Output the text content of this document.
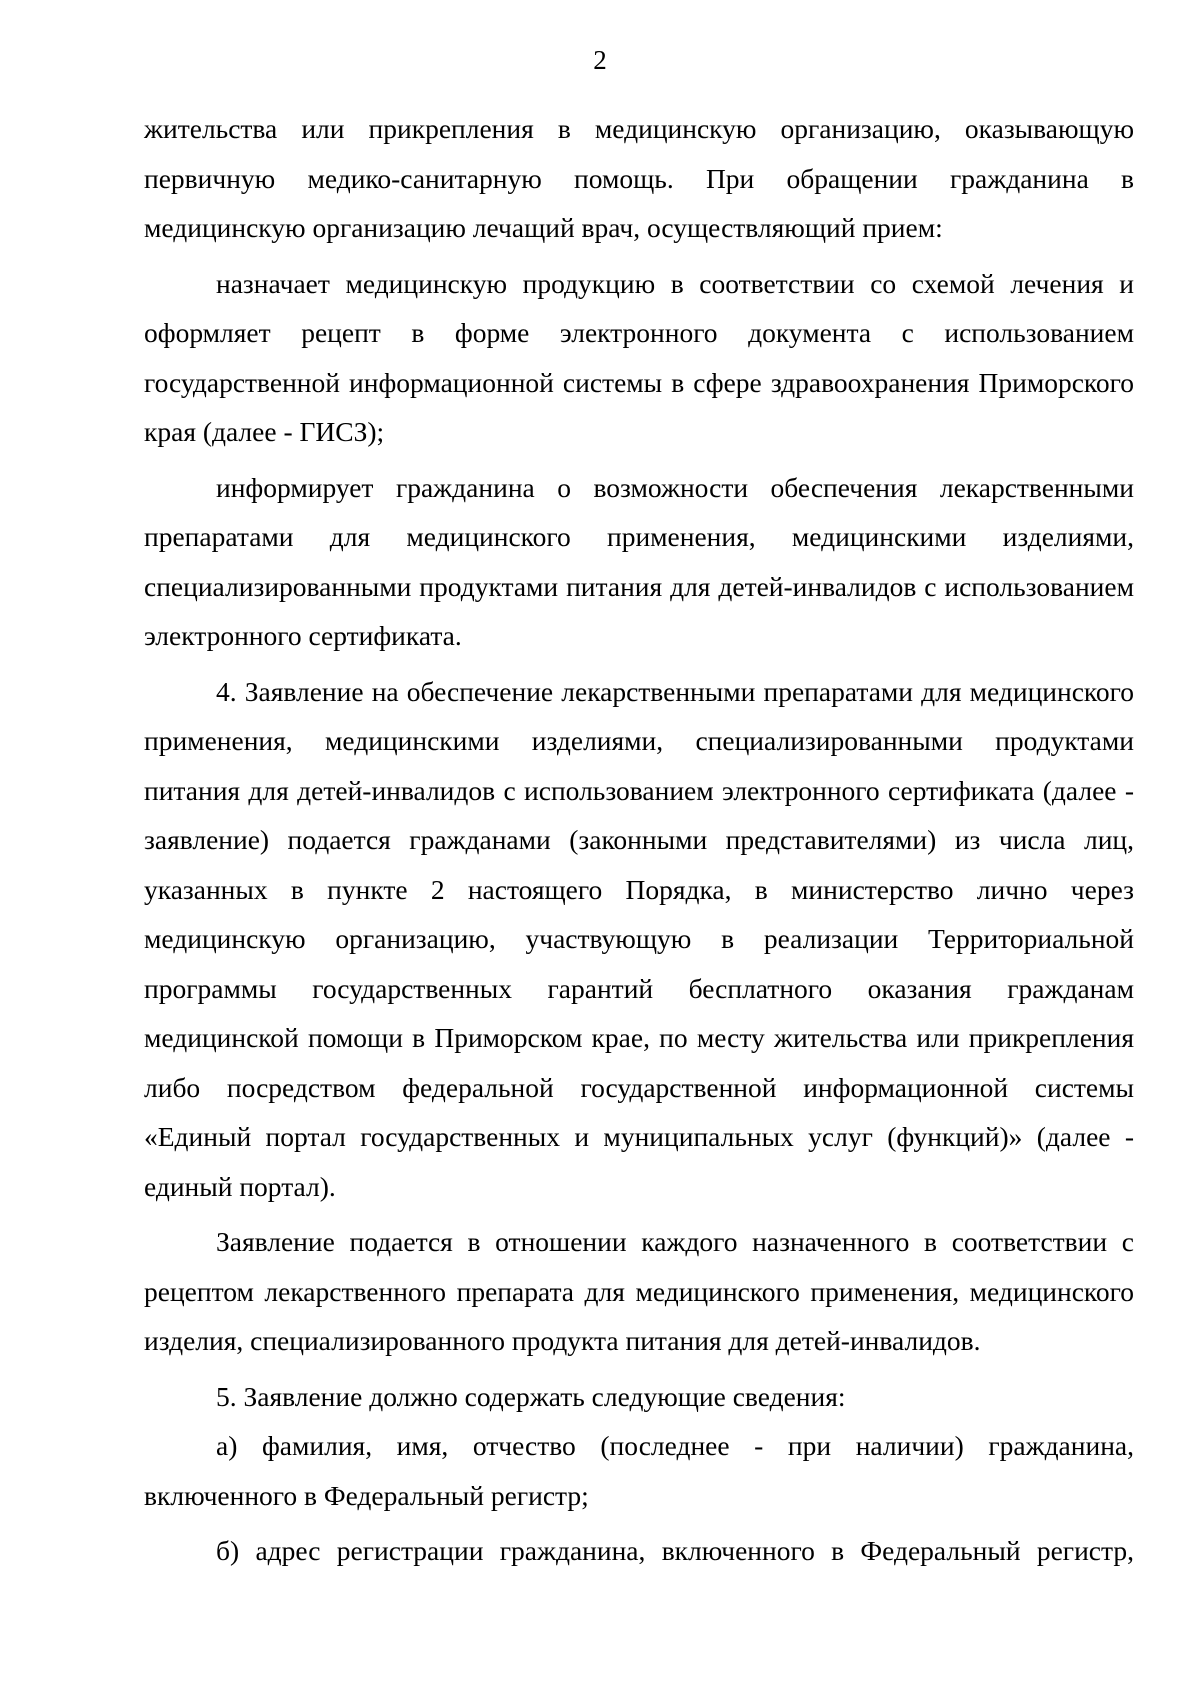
2

жительства или прикрепления в медицинскую организацию, оказывающую первичную медико-санитарную помощь. При обращении гражданина в медицинскую организацию лечащий врач, осуществляющий прием:

назначает медицинскую продукцию в соответствии со схемой лечения и оформляет рецепт в форме электронного документа с использованием государственной информационной системы в сфере здравоохранения Приморского края (далее - ГИСЗ);

информирует гражданина о возможности обеспечения лекарственными препаратами для медицинского применения, медицинскими изделиями, специализированными продуктами питания для детей-инвалидов с использованием электронного сертификата.

4. Заявление на обеспечение лекарственными препаратами для медицинского применения, медицинскими изделиями, специализированными продуктами питания для детей-инвалидов с использованием электронного сертификата (далее - заявление) подается гражданами (законными представителями) из числа лиц, указанных в пункте 2 настоящего Порядка, в министерство лично через медицинскую организацию, участвующую в реализации Территориальной программы государственных гарантий бесплатного оказания гражданам медицинской помощи в Приморском крае, по месту жительства или прикрепления либо посредством федеральной государственной информационной системы «Единый портал государственных и муниципальных услуг (функций)» (далее - единый портал).

Заявление подается в отношении каждого назначенного в соответствии с рецептом лекарственного препарата для медицинского применения, медицинского изделия, специализированного продукта питания для детей-инвалидов.

5. Заявление должно содержать следующие сведения:

а) фамилия, имя, отчество (последнее - при наличии) гражданина, включенного в Федеральный регистр;

б) адрес регистрации гражданина, включенного в Федеральный регистр,
